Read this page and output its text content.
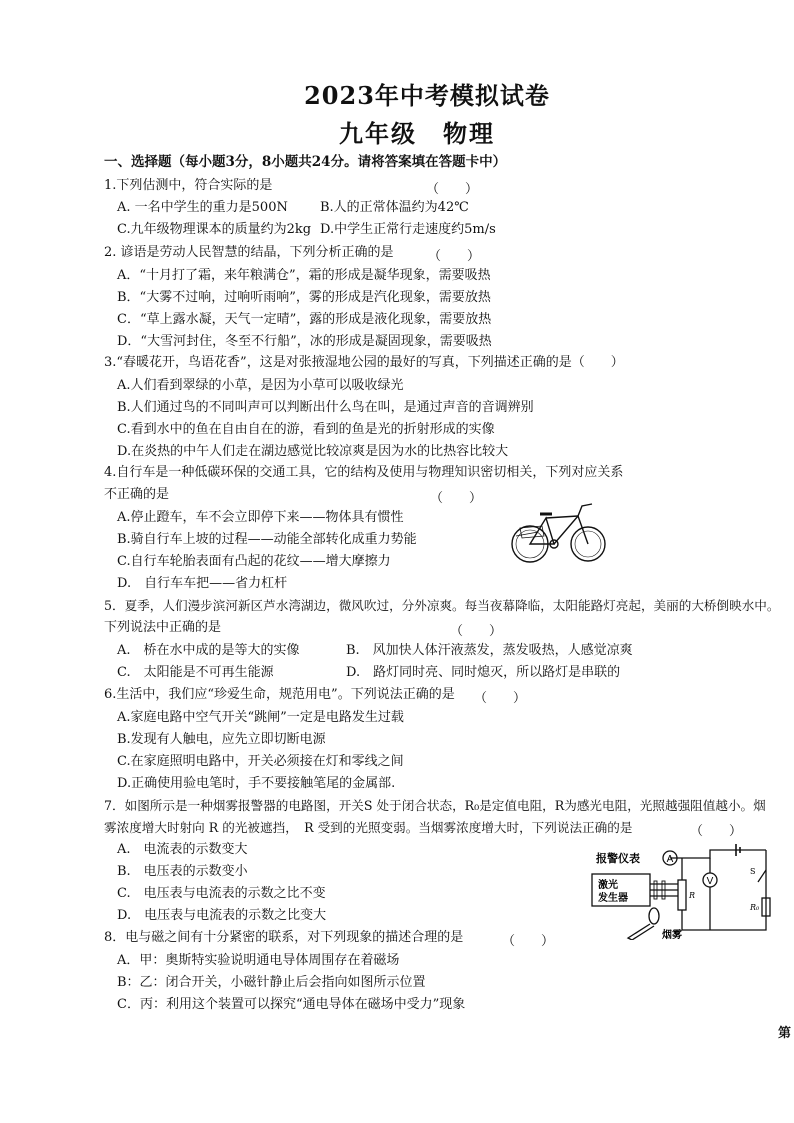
2023年中考模拟试卷
九年级　物理
一、选择题（每小题3分，8小题共24分。请将答案填在答题卡中）
1.下列估测中，符合实际的是	（　　）
A. 一名中学生的重力是500N B.人的正常体温约为42℃
C.九年级物理课本的质量约为2kg D.中学生正常行走速度约5m/s
2. 谚语是劳动人民智慧的结晶，下列分析正确的是	（　　）
A．“十月打了霜，来年粮满仓”，霜的形成是凝华现象，需要吸热
B．“大雾不过响，过响听雨响”，雾的形成是汽化现象，需要放热
C．“草上露水凝，天气一定晴”，露的形成是液化现象，需要放热
D．“大雪河封住，冬至不行船”，冰的形成是凝固现象，需要吸热
3.“春暖花开，鸟语花香”，这是对张掖湿地公园的最好的写真，下列描述正确的是（　　）
A.人们看到翠绿的小草，是因为小草可以吸收绿光
B.人们通过鸟的不同叫声可以判断出什么鸟在叫，是通过声音的音调辨别
C.看到水中的鱼在自由自在的游，看到的鱼是光的折射形成的实像
D.在炎热的中午人们走在湖边感觉比较凉爽是因为水的比热容比较大
4.自行车是一种低碳环保的交通工具，它的结构及使用与物理知识密切相关，下列对应关系
不正确的是	（　　）
A.停止蹬车，车不会立即停下来——物体具有惯性
B.骑自行车上坡的过程——动能全部转化成重力势能
C.自行车轮胎表面有凸起的花纹——增大摩擦力
D.　自行车车把——省力杠杆
5．夏季，人们漫步滨河新区芦水湾湖边，微风吹过，分外凉爽。每当夜幕降临，太阳能路灯亮起，美丽的大桥倒映水中。
下列说法中正确的是	（　　）
A.　桥在水中成的是等大的实像	B.　风加快人体汗液蒸发，蒸发吸热，人感觉凉爽
C.　太阳能是不可再生能源	D.　路灯同时亮、同时熄灭，所以路灯是串联的
6.生活中，我们应“珍爱生命，规范用电”。下列说法正确的是 （　　）
A.家庭电路中空气开关“跳闸”一定是电路发生过载
B.发现有人触电，应先立即切断电源
C.在家庭照明电路中，开关必须接在灯和零线之间
D.正确使用验电笔时，手不要接触笔尾的金属部.
7．如图所示是一种烟雾报警器的电路图，开关S 处于闭合状态，R₀是定值电阻，R为感光电阻，光照越强阻值越小。烟
雾浓度增大时射向 R 的光被遮挡，　R 受到的光照变弱。当烟雾浓度增大时，下列说法正确的是	（　　）
A.　电流表的示数变大
B.　电压表的示数变小
C.　电压表与电流表的示数之比不变
D.　电压表与电流表的示数之比变大
报警仪表	A
V
激光
发生器	R
R₀
S
烟雾
8．电与磁之间有十分紧密的联系，对下列现象的描述合理的是	（　　）
A．甲：奥斯特实验说明通电导体周围存在着磁场
B：乙：闭合开关，小磁针静止后会指向如图所示位置
C．丙：利用这个装置可以探究“通电导体在磁场中受力”现象
第
